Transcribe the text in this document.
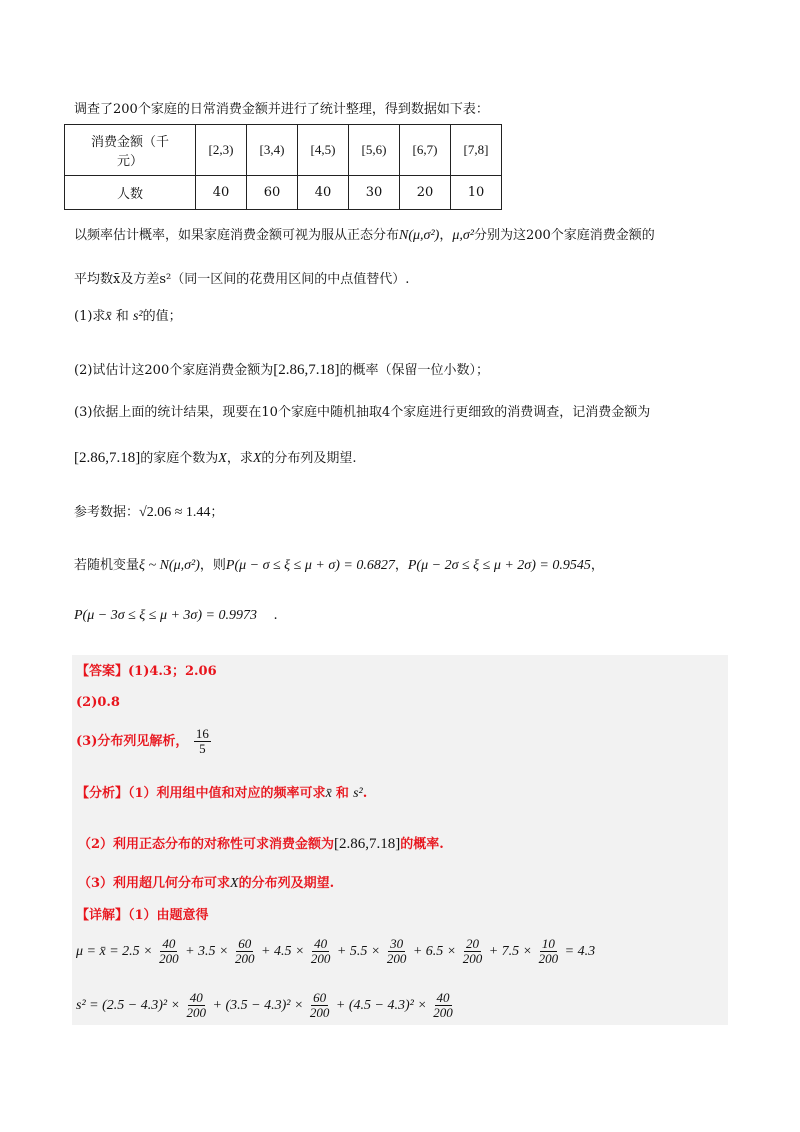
调查了200个家庭的日常消费金额并进行了统计整理，得到数据如下表：
消费金额（千
元）	[2,3)	[3,4)	[4,5)	[5,6)	[6,7)	[7,8]
人数	40	60	40	30	20	10
以频率估计概率，如果家庭消费金额可视为服从正态分布N(μ,σ²)，μ,σ²分别为这200个家庭消费金额的
平均数x̄及方差s²（同一区间的花费用区间的中点值替代）.
(1)求x̄ 和 s²的值；
(2)试估计这200个家庭消费金额为[2.86,7.18]的概率（保留一位小数）；
(3)依据上面的统计结果，现要在10个家庭中随机抽取4个家庭进行更细致的消费调查，记消费金额为
[2.86,7.18]的家庭个数为X，求X的分布列及期望.
参考数据：√2.06 ≈ 1.44；
若随机变量ξ ~ N(μ,σ²)，则P(μ − σ ≤ ξ ≤ μ + σ) = 0.6827，P(μ − 2σ ≤ ξ ≤ μ + 2σ) = 0.9545，
P(μ − 3σ ≤ ξ ≤ μ + 3σ) = 0.9973 .
【答案】(1)4.3；2.06
(2)0.8
(3)分布列见解析， $\frac{16}{5}$
【分析】（1）利用组中值和对应的频率可求x̄ 和 s².
（2）利用正态分布的对称性可求消费金额为[2.86,7.18]的概率.
（3）利用超几何分布可求X的分布列及期望.
【详解】（1）由题意得
μ = x̄ = $2.5 \times \frac{40}{200} + 3.5 \times \frac{60}{200} + 4.5 \times \frac{40}{200} + 5.5 \times \frac{30}{200} + 6.5 \times \frac{20}{200} + 7.5 \times \frac{10}{200} = 4.3$
$s^2 = (2.5 - 4.3)^2 \times \frac{40}{200} + (3.5 - 4.3)^2 \times \frac{60}{200} + (4.5 - 4.3)^2 \times \frac{40}{200}$
